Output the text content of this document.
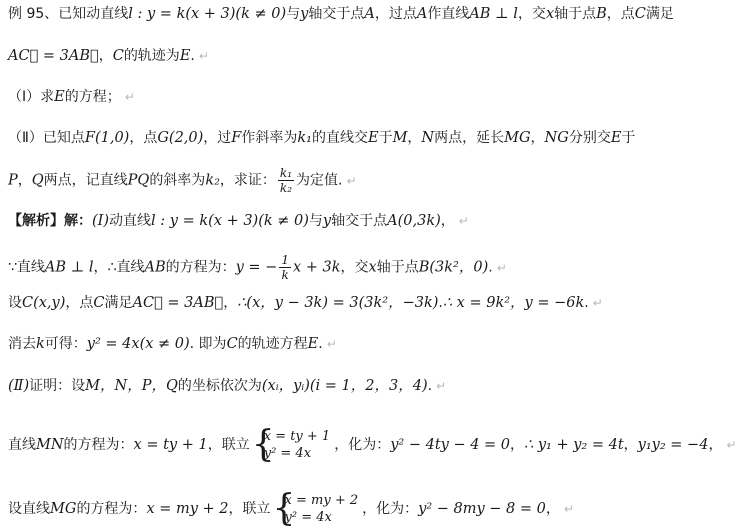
例 95、已知动直线l : y = k(x + 3)(k ≠ 0)与y轴交于点A，过点A作直线AB ⊥ l，交x轴于点B，点C满足
AC⃗ = 3AB⃗，C的轨迹为E. ↵
（Ⅰ）求E的方程； ↵
（Ⅱ）已知点F(1,0)，点G(2,0)，过F作斜率为k₁的直线交E于M，N两点，延长MG，NG分别交E于
P，Q两点，记直线PQ的斜率为k₂，求证： $\frac{\text{k₁}}{\text{k₂}}$ 为定值. ↵
【解析】解：(Ⅰ)动直线l : y = k(x + 3)(k ≠ 0)与y轴交于点A(0,3k)， ↵
∵直线AB ⊥ l，∴直线AB的方程为：y = − $\frac{1}{k}$ x + 3k，交x轴于点B(3k²，0). ↵
设C(x,y)，点C满足AC⃗ = 3AB⃗，∴(x，y − 3k) = 3(3k²，−3k).∴ x = 9k²，y = −6k. ↵
消去k可得：y² = 4x(x ≠ 0). 即为C的轨迹方程E. ↵
(Ⅱ)证明：设M，N，P，Q的坐标依次为(xᵢ，yᵢ)(i = 1，2，3，4). ↵
直线MN的方程为：x = ty + 1，联立 {
x = ty + 1
y² = 4x
，化为：y² − 4ty − 4 = 0，∴ y₁ + y₂ = 4t，y₁y₂ = −4， ↵
设直线MG的方程为：x = my + 2，联立 {
x = my + 2
y² = 4x
，化为：y² − 8my − 8 = 0， ↵
